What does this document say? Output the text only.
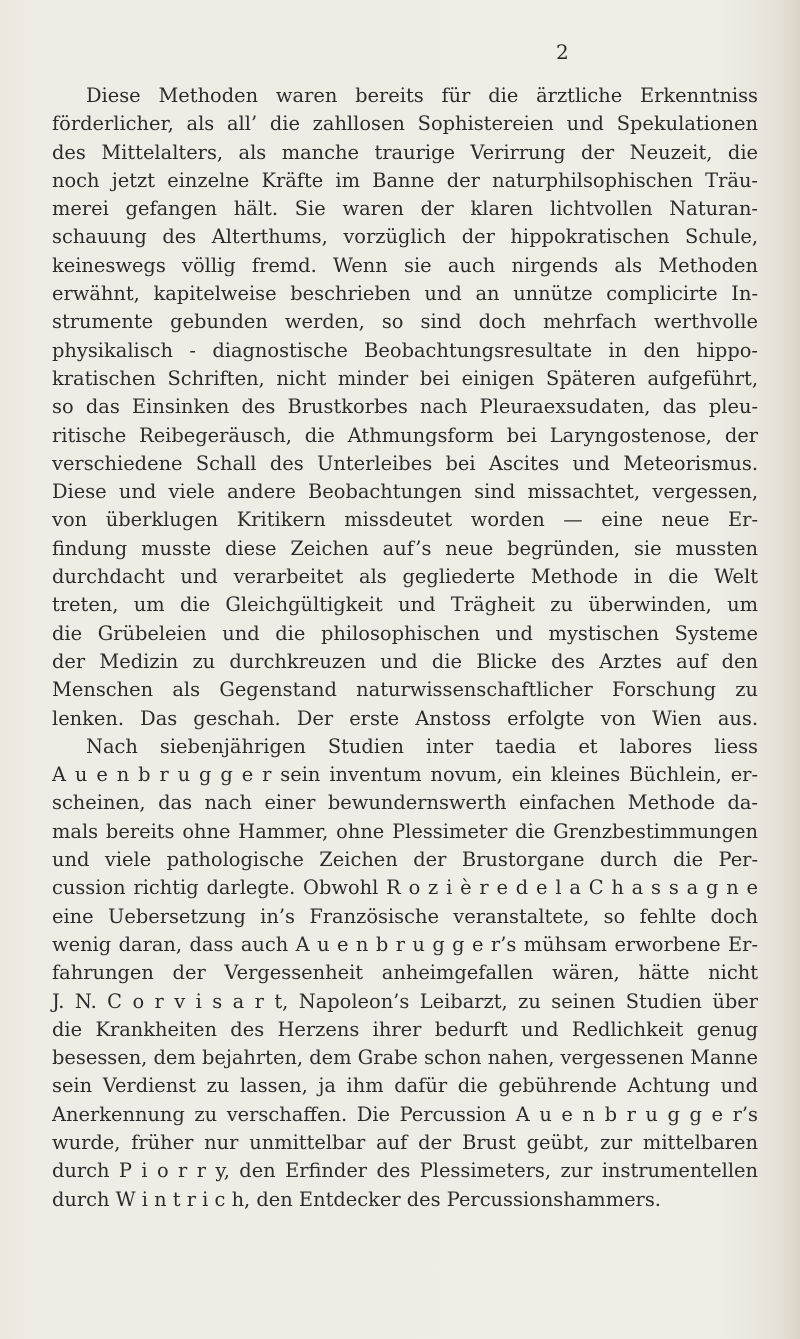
2
Diese Methoden waren bereits für die ärztliche Erkenntniss
förderlicher, als all’ die zahllosen Sophistereien und Spekulationen
des Mittelalters, als manche traurige Verirrung der Neuzeit, die
noch jetzt einzelne Kräfte im Banne der naturphilsophischen Träu-
merei gefangen hält. Sie waren der klaren lichtvollen Naturan-
schauung des Alterthums, vorzüglich der hippokratischen Schule,
keineswegs völlig fremd. Wenn sie auch nirgends als Methoden
erwähnt, kapitelweise beschrieben und an unnütze complicirte In-
strumente gebunden werden, so sind doch mehrfach werthvolle
physikalisch - diagnostische Beobachtungsresultate in den hippo-
kratischen Schriften, nicht minder bei einigen Späteren aufgeführt,
so das Einsinken des Brustkorbes nach Pleuraexsudaten, das pleu-
ritische Reibegeräusch, die Athmungsform bei Laryngostenose, der
verschiedene Schall des Unterleibes bei Ascites und Meteorismus.
Diese und viele andere Beobachtungen sind missachtet, vergessen,
von überklugen Kritikern missdeutet worden — eine neue Er-
findung musste diese Zeichen auf’s neue begründen, sie mussten
durchdacht und verarbeitet als gegliederte Methode in die Welt
treten, um die Gleichgültigkeit und Trägheit zu überwinden, um
die Grübeleien und die philosophischen und mystischen Systeme
der Medizin zu durchkreuzen und die Blicke des Arztes auf den
Menschen als Gegenstand naturwissenschaftlicher Forschung zu
lenken. Das geschah. Der erste Anstoss erfolgte von Wien aus.
Nach siebenjährigen Studien inter taedia et labores liess
A u e n b r u g g e r sein inventum novum, ein kleines Büchlein, er-
scheinen, das nach einer bewundernswerth einfachen Methode da-
mals bereits ohne Hammer, ohne Plessimeter die Grenzbestimmungen
und viele pathologische Zeichen der Brustorgane durch die Per-
cussion richtig darlegte. Obwohl R o z i è r e d e l a C h a s s a g n e
eine Uebersetzung in’s Französische veranstaltete, so fehlte doch
wenig daran, dass auch A u e n b r u g g e r’s mühsam erworbene Er-
fahrungen der Vergessenheit anheimgefallen wären, hätte nicht
J. N. C o r v i s a r t, Napoleon’s Leibarzt, zu seinen Studien über
die Krankheiten des Herzens ihrer bedurft und Redlichkeit genug
besessen, dem bejahrten, dem Grabe schon nahen, vergessenen Manne
sein Verdienst zu lassen, ja ihm dafür die gebührende Achtung und
Anerkennung zu verschaffen. Die Percussion A u e n b r u g g e r’s
wurde, früher nur unmittelbar auf der Brust geübt, zur mittelbaren
durch P i o r r y, den Erfinder des Plessimeters, zur instrumentellen
durch W i n t r i c h, den Entdecker des Percussionshammers.
